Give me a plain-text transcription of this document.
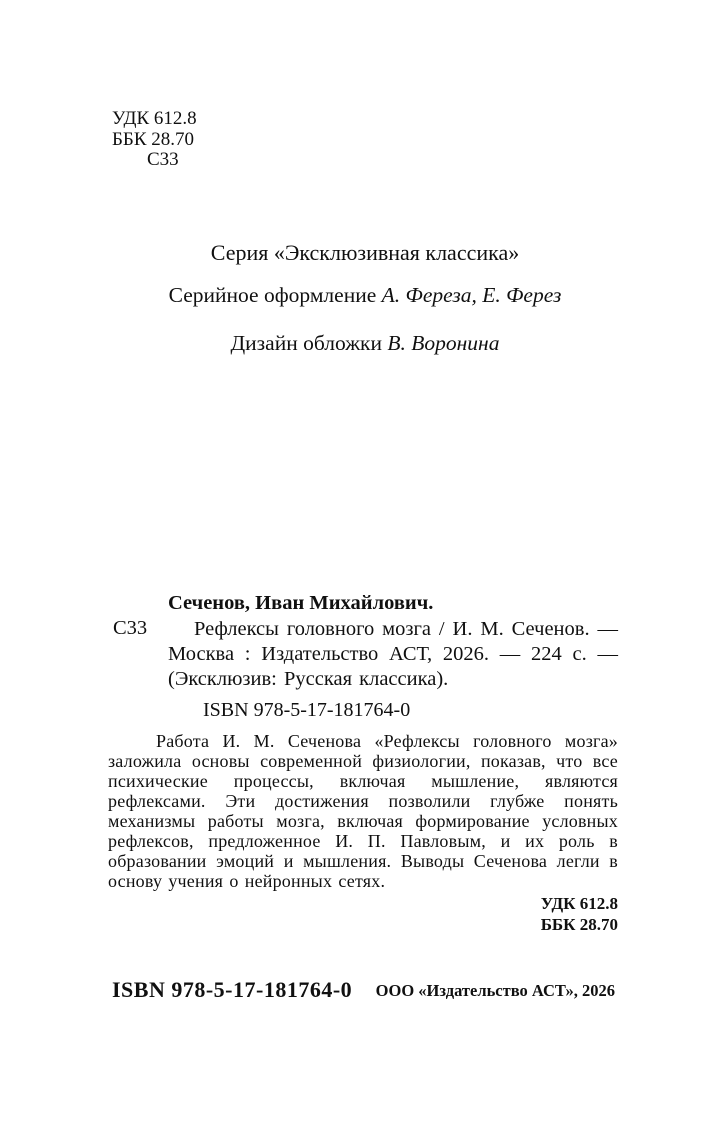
УДК 612.8
ББК 28.70
С33
Серия «Эксклюзивная классика»
Серийное оформление А. Фереза, Е. Ферез
Дизайн обложки В. Воронина
Сеченов, Иван Михайлович.
С33	Рефлексы головного мозга / И. М. Сеченов. — Москва : Издательство АСТ, 2026. — 224 с. — (Эксклюзив: Русская классика).
ISBN 978-5-17-181764-0
Работа И. М. Сеченова «Рефлексы головного мозга» заложила основы современной физиологии, показав, что все психические процессы, включая мышление, являются рефлексами. Эти достижения позволили глубже понять механизмы работы мозга, включая формирование условных рефлексов, предложенное И. П. Павловым, и их роль в образовании эмоций и мышления. Выводы Сеченова легли в основу учения о нейронных сетях.
УДК 612.8
ББК 28.70
ISBN 978-5-17-181764-0	ООО «Издательство АСТ», 2026
